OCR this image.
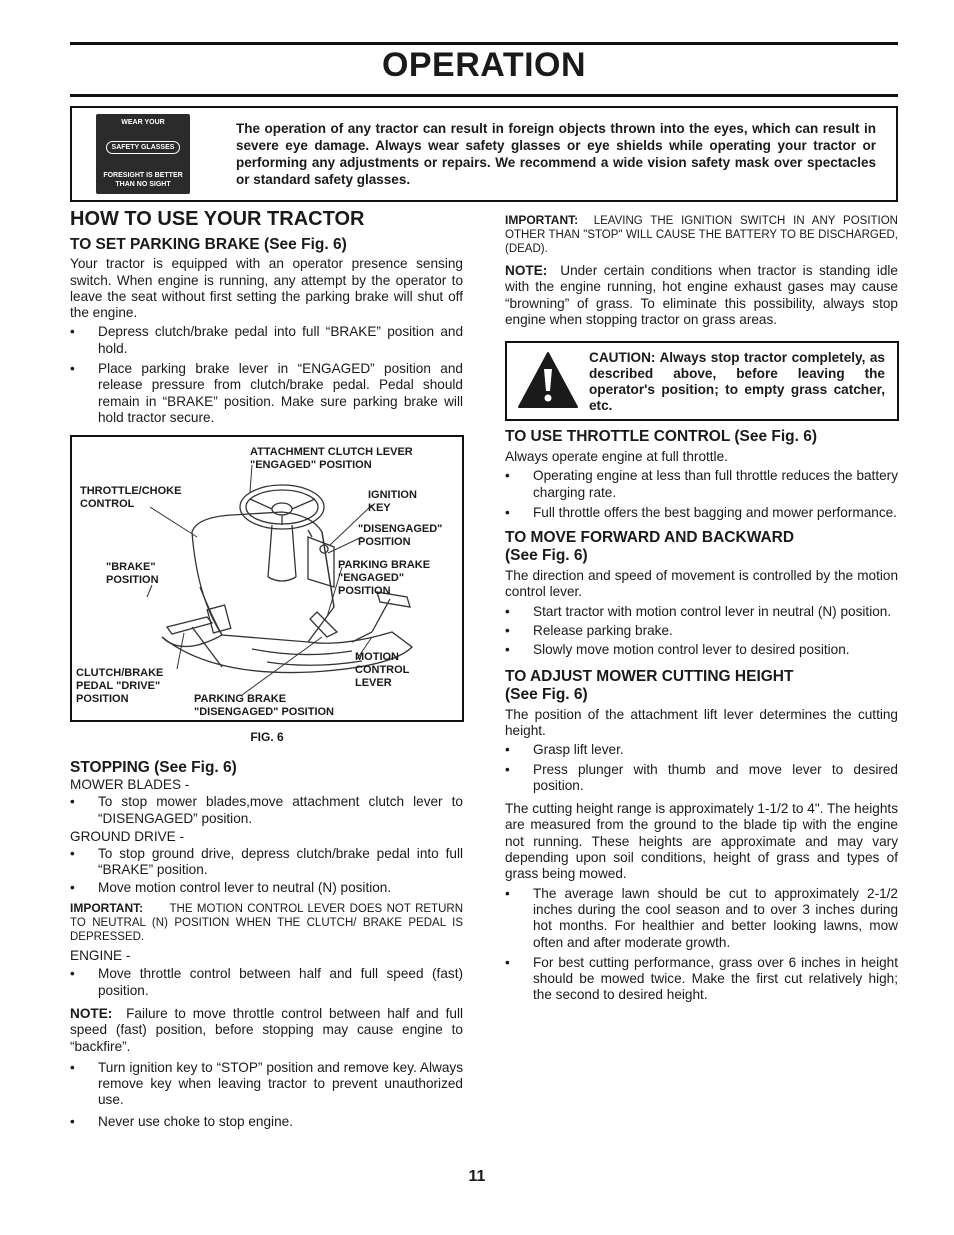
OPERATION
WEAR YOUR
SAFETY GLASSES
FORESIGHT IS BETTER
THAN NO SIGHT
The operation of any tractor can result in foreign objects thrown into the eyes, which can result in severe eye damage. Always wear safety glasses or eye shields while operating your tractor or performing any adjustments or repairs. We recommend a wide vision safety mask over spectacles or standard safety glasses.
HOW TO USE YOUR TRACTOR
TO SET PARKING BRAKE (See Fig. 6)

Your tractor is equipped with an operator presence sensing switch. When engine is running, any attempt by the operator to leave the seat without first setting the parking brake will shut off the engine.

• Depress clutch/brake pedal into full “BRAKE” position and hold.
• Place parking brake lever in “ENGAGED” position and release pressure from clutch/brake pedal. Pedal should remain in “BRAKE” position. Make sure parking brake will hold tractor secure.
ATTACHMENT CLUTCH LEVER
"ENGAGED" POSITION
THROTTLE/CHOKE
CONTROL
IGNITION
KEY
"DISENGAGED"
POSITION
"BRAKE"
POSITION
PARKING BRAKE
"ENGAGED"
POSITION
MOTION
CONTROL
LEVER
CLUTCH/BRAKE
PEDAL "DRIVE"
POSITION	PARKING BRAKE
"DISENGAGED" POSITION
FIG. 6
STOPPING (See Fig. 6)

MOWER BLADES -

• To stop mower blades,move attachment clutch lever to “DISENGAGED” position.

GROUND DRIVE -

• To stop ground drive, depress clutch/brake pedal into full “BRAKE” position.
• Move motion control lever to neutral (N) position.

IMPORTANT: THE MOTION CONTROL LEVER DOES NOT RETURN TO NEUTRAL (N) POSITION WHEN THE CLUTCH/ BRAKE PEDAL IS DEPRESSED.

ENGINE -

• Move throttle control between half and full speed (fast) position.

NOTE: Failure to move throttle control between half and full speed (fast) position, before stopping may cause engine to “backfire”.

• Turn ignition key to “STOP” position and remove key. Always remove key when leaving tractor to prevent unauthorized use.
• Never use choke to stop engine.

IMPORTANT: LEAVING THE IGNITION SWITCH IN ANY POSITION OTHER THAN "STOP" WILL CAUSE THE BATTERY TO BE DISCHARGED, (DEAD).

NOTE: Under certain conditions when tractor is standing idle with the engine running, hot engine exhaust gases may cause “browning” of grass. To eliminate this possibility, always stop engine when stopping tractor on grass areas.

CAUTION: Always stop tractor completely, as described above, before leaving the operator's position; to empty grass catcher, etc.
TO USE THROTTLE CONTROL (See Fig. 6)

Always operate engine at full throttle.

• Operating engine at less than full throttle reduces the battery charging rate.
• Full throttle offers the best bagging and mower performance.
TO MOVE FORWARD AND BACKWARD
(See Fig. 6)

The direction and speed of movement is controlled by the motion control lever.

• Start tractor with motion control lever in neutral (N) position.
• Release parking brake.
• Slowly move motion control lever to desired position.
TO ADJUST MOWER CUTTING HEIGHT
(See Fig. 6)

The position of the attachment lift lever determines the cutting height.

• Grasp lift lever.
• Press plunger with thumb and move lever to desired position.

The cutting height range is approximately 1-1/2 to 4". The heights are measured from the ground to the blade tip with the engine not running. These heights are approximate and may vary depending upon soil conditions, height of grass and types of grass being mowed.

• The average lawn should be cut to approximately 2-1/2 inches during the cool season and to over 3 inches during hot months. For healthier and better looking lawns, mow often and after moderate growth.
• For best cutting performance, grass over 6 inches in height should be mowed twice. Make the first cut relatively high; the second to desired height.
11
